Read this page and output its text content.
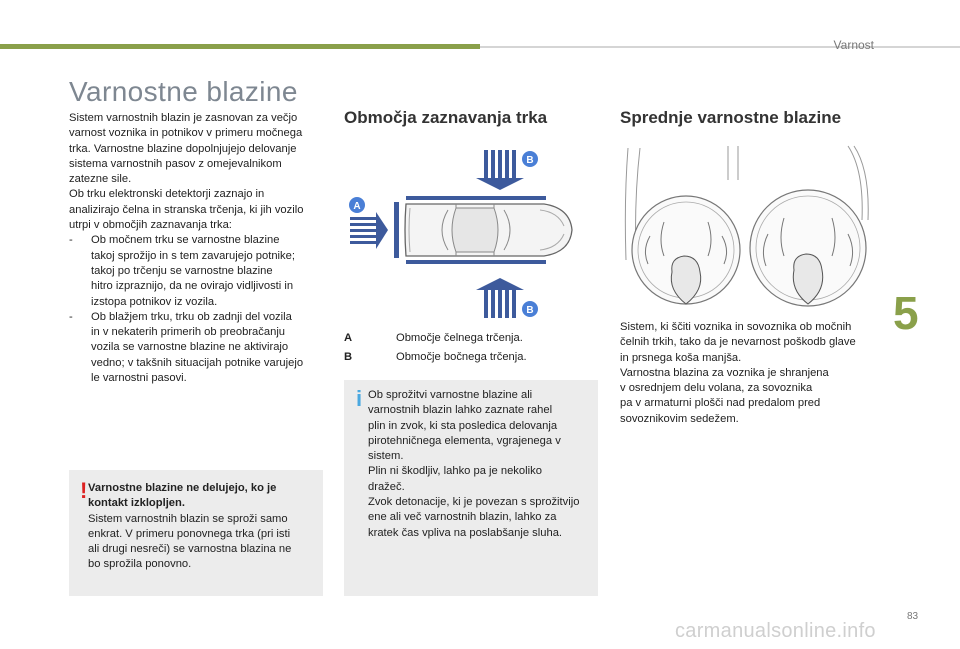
Varnost
5
83
carmanualsonline.info
Varnostne blazine

Sistem varnostnih blazin je zasnovan za večjo

varnost voznika in potnikov v primeru močnega

trka. Varnostne blazine dopolnjujejo delovanje

sistema varnostnih pasov z omejevalnikom

zatezne sile.

Ob trku elektronski detektorji zaznajo in

analizirajo čelna in stranska trčenja, ki jih vozilo

utrpi v območjih zaznavanja trka:

-	Ob močnem trku se varnostne blazine

takoj sprožijo in s tem zavarujejo potnike;

takoj po trčenju se varnostne blazine

hitro izpraznijo, da ne ovirajo vidljivosti in

izstopa potnikov iz vozila.

-	Ob blažjem trku, trku ob zadnji del vozila

in v nekaterih primerih ob preobračanju

vozila se varnostne blazine ne aktivirajo

vedno; v takšnih situacijah potnike varujejo

le varnostni pasovi.

! Varnostne blazine ne delujejo, ko je

kontakt izklopljen.

Sistem varnostnih blazin se sproži samo

enkrat. V primeru ponovnega trka (pri isti

ali drugi nesreči) se varnostna blazina ne

bo sprožila ponovno.

Območja zaznavanja trka
B
B
A
A	Območje čelnega trčenja.
B	Območje bočnega trčenja.
i Ob sprožitvi varnostne blazine ali

varnostnih blazin lahko zaznate rahel

plin in zvok, ki sta posledica delovanja

pirotehničnega elementa, vgrajenega v

sistem.

Plin ni škodljiv, lahko pa je nekoliko

dražeč.

Zvok detonacije, ki je povezan s sprožitvijo

ene ali več varnostnih blazin, lahko za

kratek čas vpliva na poslabšanje sluha.

Sprednje varnostne blazine

Sistem, ki ščiti voznika in sovoznika ob močnih

čelnih trkih, tako da je nevarnost poškodb glave

in prsnega koša manjša.

Varnostna blazina za voznika je shranjena

v osrednjem delu volana, za sovoznika

pa v armaturni plošči nad predalom pred

sovoznikovim sedežem.
